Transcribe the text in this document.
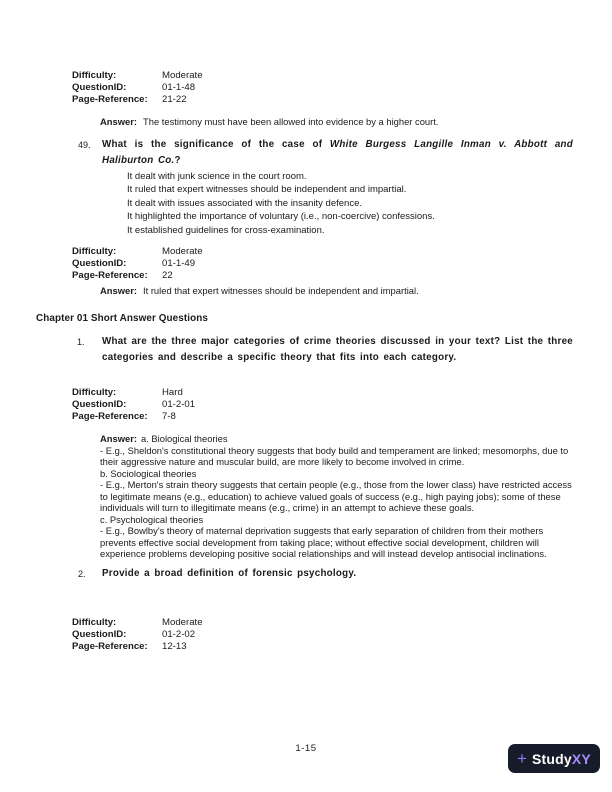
Difficulty:	Moderate
QuestionID:	01-1-48
Page-Reference:	21-22
Answer: The testimony must have been allowed into evidence by a higher court.
49. What is the significance of the case of White Burgess Langille Inman v. Abbott and Haliburton Co.?
It dealt with junk science in the court room.
It ruled that expert witnesses should be independent and impartial.
It dealt with issues associated with the insanity defence.
It highlighted the importance of voluntary (i.e., non-coercive) confessions.
It established guidelines for cross-examination.
Difficulty:	Moderate
QuestionID:	01-1-49
Page-Reference:	22
Answer: It ruled that expert witnesses should be independent and impartial.
Chapter 01 Short Answer Questions
1. What are the three major categories of crime theories discussed in your text? List the three categories and describe a specific theory that fits into each category.
Difficulty:	Hard
QuestionID:	01-2-01
Page-Reference:	7-8
Answer: a. Biological theories
- E.g., Sheldon's constitutional theory suggests that body build and temperament are linked; mesomorphs, due to their aggressive nature and muscular build, are more likely to become involved in crime.
b. Sociological theories
- E.g., Merton's strain theory suggests that certain people (e.g., those from the lower class) have restricted access to legitimate means (e.g., education) to achieve valued goals of success (e.g., high paying jobs); some of these individuals will turn to illegitimate means (e.g., crime) in an attempt to achieve these goals.
c. Psychological theories
- E.g., Bowlby's theory of maternal deprivation suggests that early separation of children from their mothers prevents effective social development from taking place; without effective social development, children will experience problems developing positive social relationships and will instead develop antisocial inclinations.
2. Provide a broad definition of forensic psychology.
Difficulty:	Moderate
QuestionID:	01-2-02
Page-Reference:	12-13
1-15	+ StudyXY
